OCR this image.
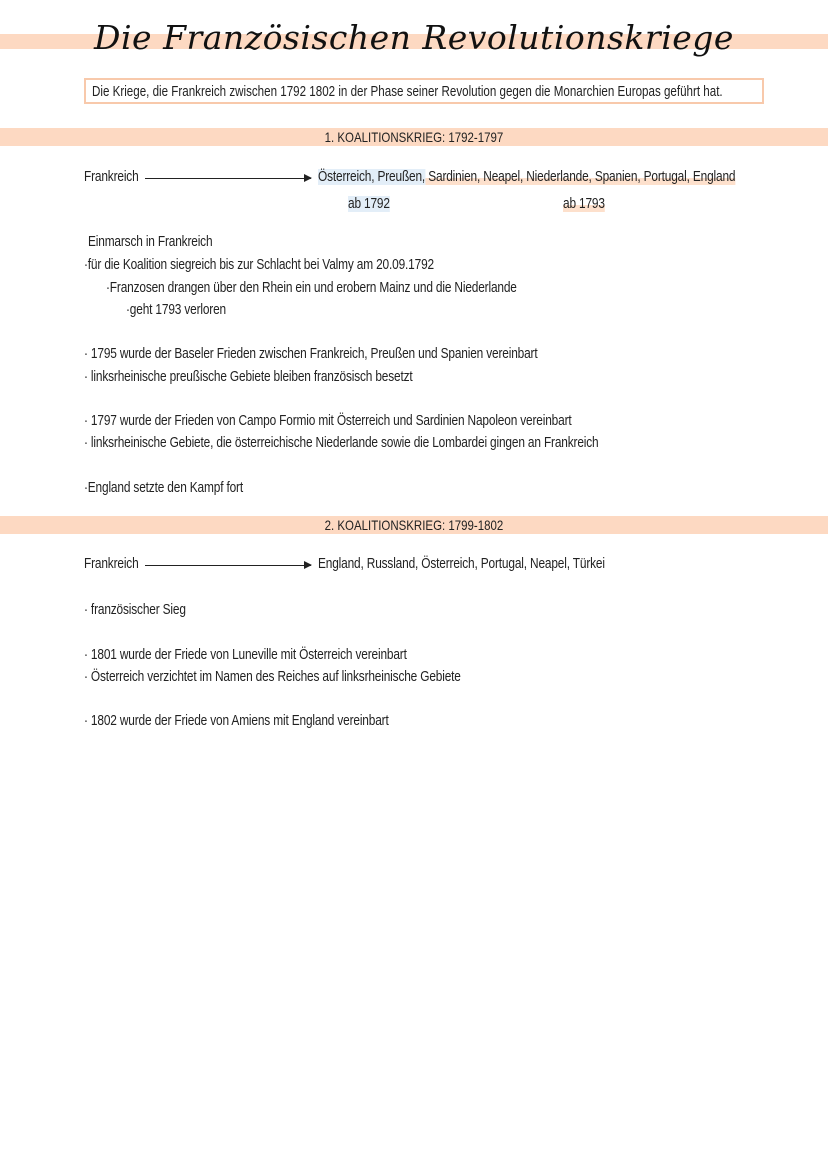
Die Französischen Revolutionskriege
Die Kriege, die Frankreich zwischen 1792 1802 in der Phase seiner Revolution gegen die Monarchien Europas geführt hat.
1. KOALITIONSKRIEG: 1792-1797
Frankreich	Österreich, Preußen, Sardinien, Neapel, Niederlande, Spanien, Portugal, England
ab 1792	ab 1793
Einmarsch in Frankreich
·für die Koalition siegreich bis zur Schlacht bei Valmy am 20.09.1792
·Franzosen drangen über den Rhein ein und erobern Mainz und die Niederlande
·geht 1793 verloren
· 1795 wurde der Baseler Frieden zwischen Frankreich, Preußen und Spanien vereinbart
· linksrheinische preußische Gebiete bleiben französisch besetzt
· 1797 wurde der Frieden von Campo Formio mit Österreich und Sardinien Napoleon vereinbart
· linksrheinische Gebiete, die österreichische Niederlande sowie die Lombardei gingen an Frankreich
·England setzte den Kampf fort
2. KOALITIONSKRIEG: 1799-1802
Frankreich	England, Russland, Österreich, Portugal, Neapel, Türkei
· französischer Sieg
· 1801 wurde der Friede von Luneville mit Österreich vereinbart
· Österreich verzichtet im Namen des Reiches auf linksrheinische Gebiete
· 1802 wurde der Friede von Amiens mit England vereinbart
